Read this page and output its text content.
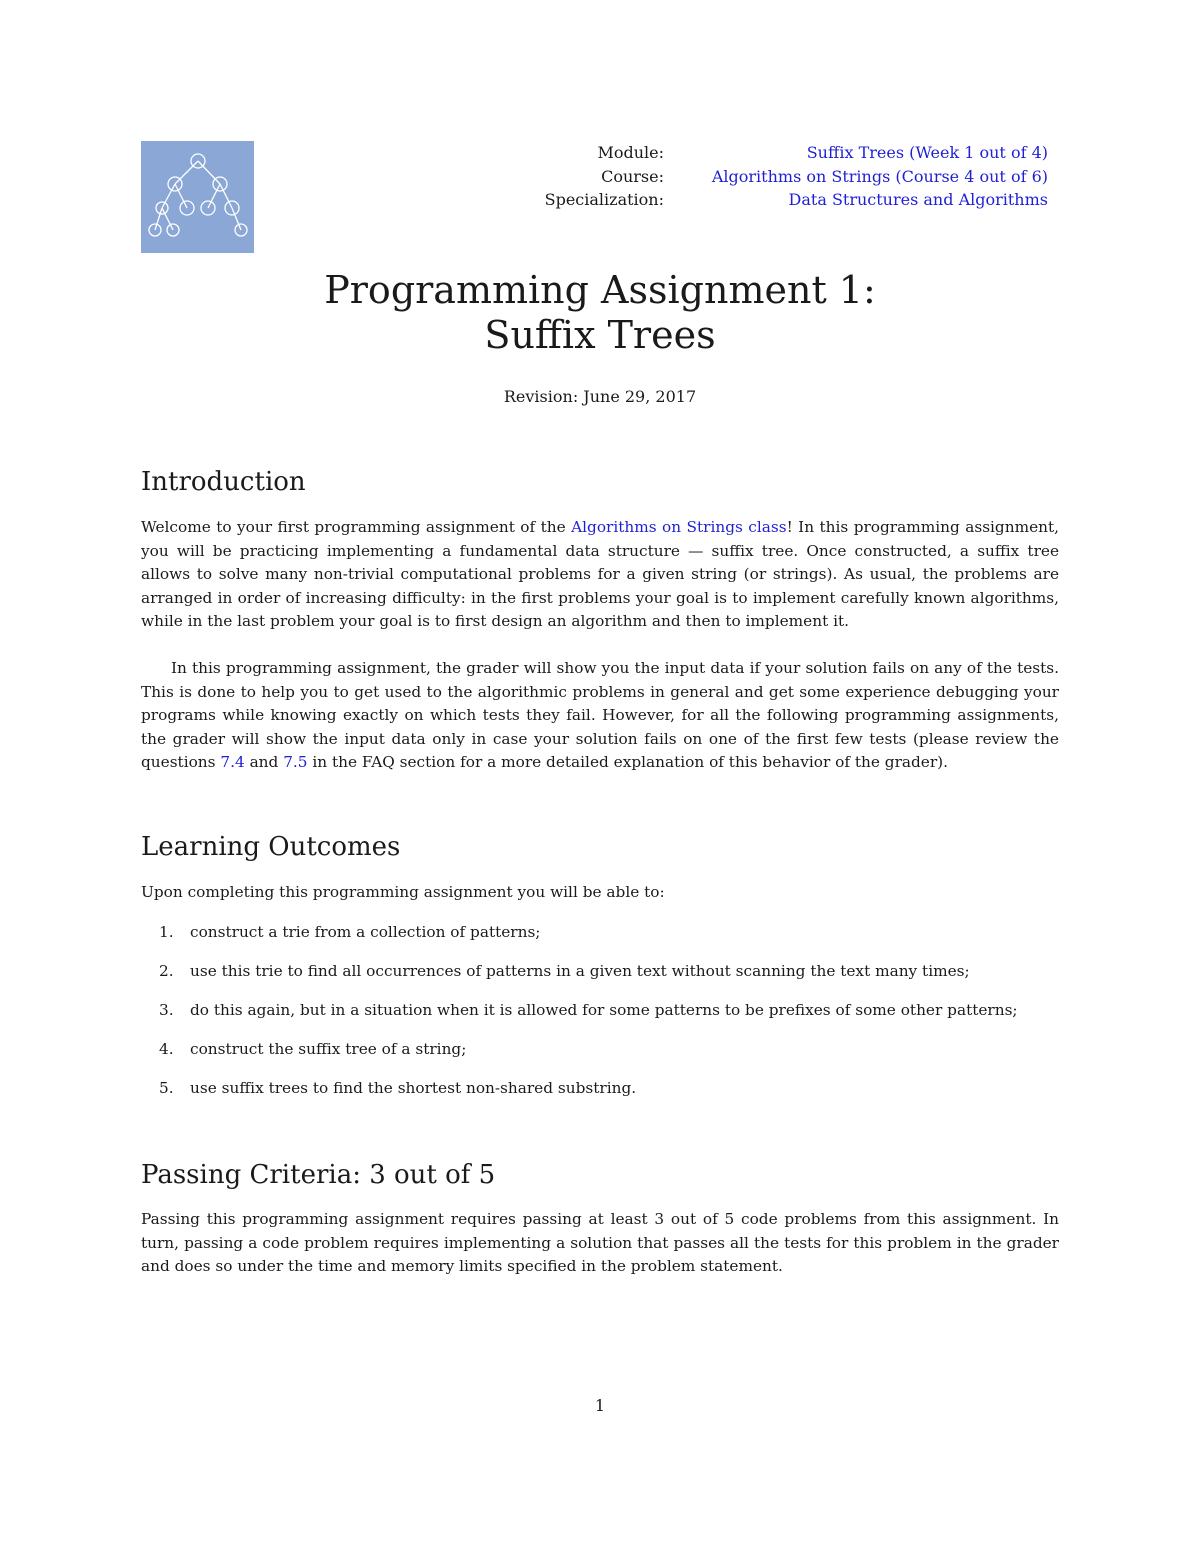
Module:	Suffix Trees (Week 1 out of 4)
Course:	Algorithms on Strings (Course 4 out of 6)
Specialization:	Data Structures and Algorithms
Programming Assignment 1:
Suffix Trees
Revision: June 29, 2017
Introduction

Welcome to your first programming assignment of the Algorithms on Strings class! In this programming assignment, you will be practicing implementing a fundamental data structure — suffix tree. Once constructed, a suffix tree allows to solve many non-trivial computational problems for a given string (or strings). As usual, the problems are arranged in order of increasing difficulty: in the first problems your goal is to implement carefully known algorithms, while in the last problem your goal is to first design an algorithm and then to implement it.

In this programming assignment, the grader will show you the input data if your solution fails on any of the tests. This is done to help you to get used to the algorithmic problems in general and get some experience debugging your programs while knowing exactly on which tests they fail. However, for all the following programming assignments, the grader will show the input data only in case your solution fails on one of the first few tests (please review the questions 7.4 and 7.5 in the FAQ section for a more detailed explanation of this behavior of the grader).

Learning Outcomes

Upon completing this programming assignment you will be able to:

1. construct a trie from a collection of patterns;
2. use this trie to find all occurrences of patterns in a given text without scanning the text many times;
3. do this again, but in a situation when it is allowed for some patterns to be prefixes of some other patterns;
4. construct the suffix tree of a string;
5. use suffix trees to find the shortest non-shared substring.
Passing Criteria: 3 out of 5

Passing this programming assignment requires passing at least 3 out of 5 code problems from this assignment. In turn, passing a code problem requires implementing a solution that passes all the tests for this problem in the grader and does so under the time and memory limits specified in the problem statement.

1
